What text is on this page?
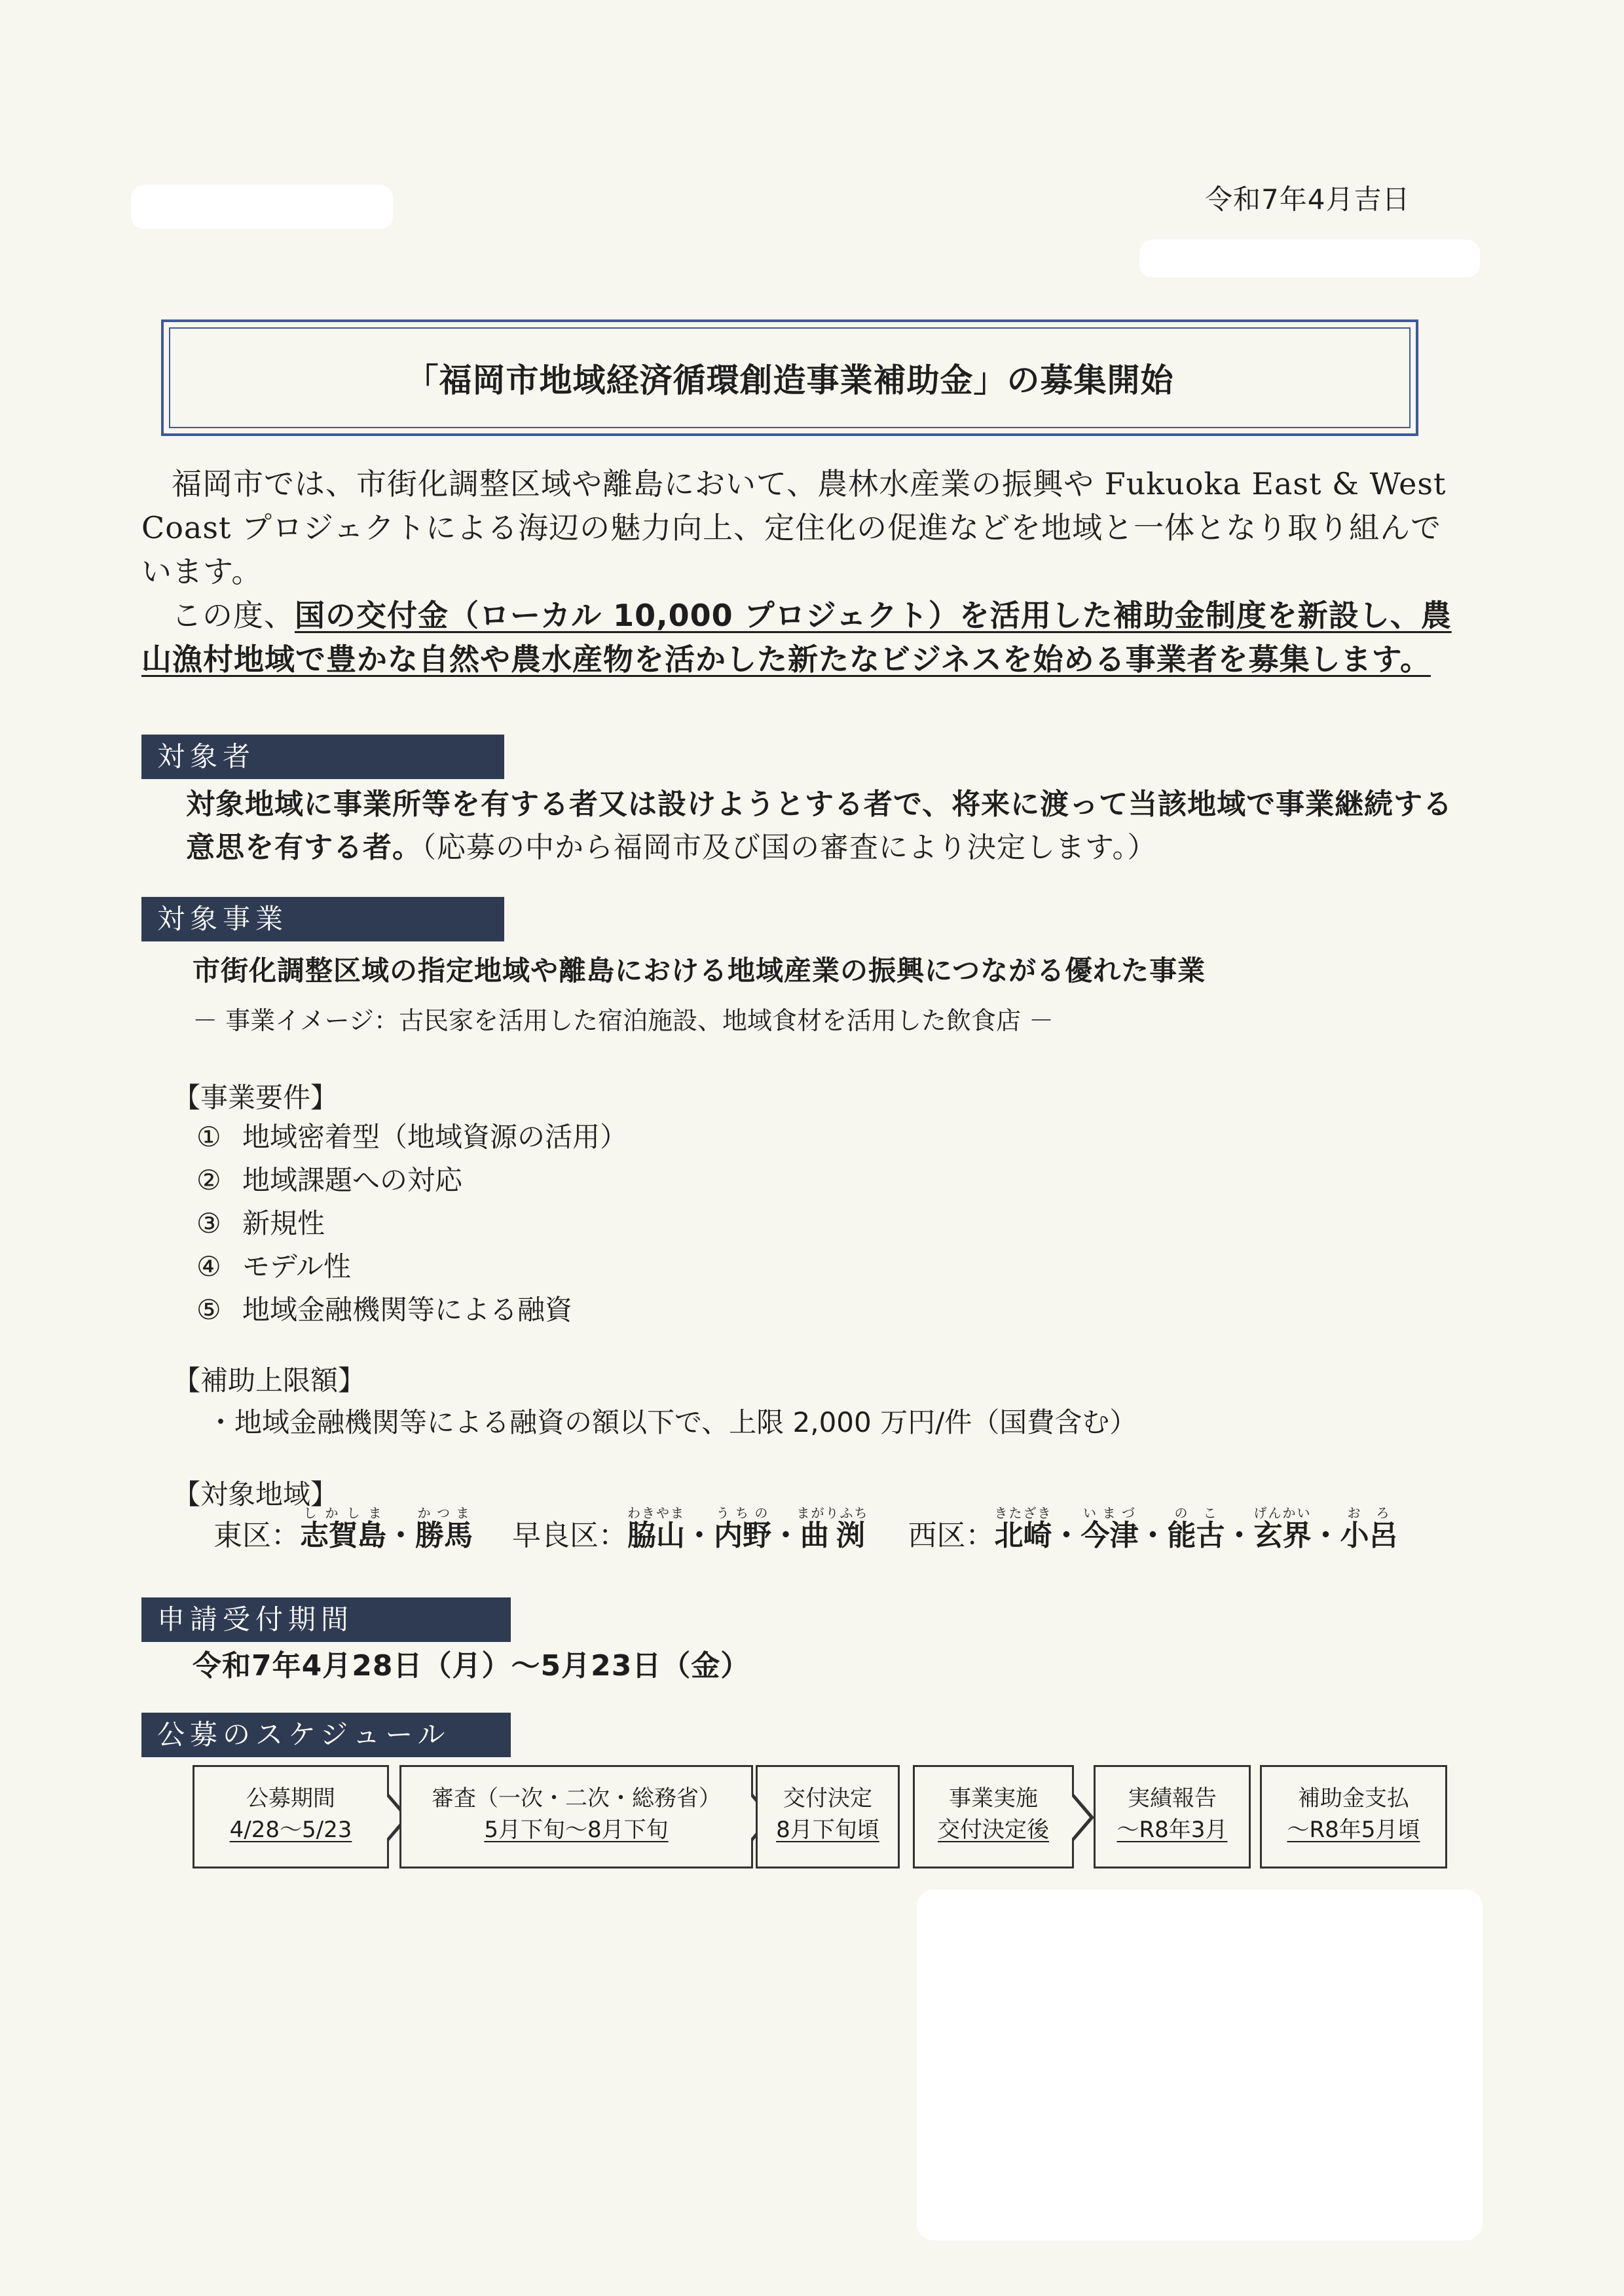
令和7年4月吉日
「福岡市地域経済循環創造事業補助金」の募集開始

福岡市では、市街化調整区域や離島において、農林水産業の振興や Fukuoka East & West Coast プロジェクトによる海辺の魅力向上、定住化の促進などを地域と一体となり取り組んでいます。

この度、国の交付金（ローカル 10,000 プロジェクト）を活用した補助金制度を新設し、農山漁村地域で豊かな自然や農水産物を活かした新たなビジネスを始める事業者を募集します。

対象者
対象地域に事業所等を有する者又は設けようとする者で、将来に渡って当該地域で事業継続する意思を有する者。（応募の中から福岡市及び国の審査により決定します。）
対象事業
市街化調整区域の指定地域や離島における地域産業の振興につながる優れた事業
－ 事業イメージ：古民家を活用した宿泊施設、地域食材を活用した飲食店 －
【事業要件】
① 地域密着型（地域資源の活用）
② 地域課題への対応
③ 新規性
④ モデル性
⑤ 地域金融機関等による融資
【補助上限額】
・地域金融機関等による融資の額以下で、上限 2,000 万円/件（国費含む）
【対象地域】
東区：志賀島しかしま・勝馬かつま早良区：脇山わきやま・内野うちの・曲渕まがりふち西区：北崎きたざき・今津いまづ・能古のこ・玄界げんかい・小呂おろ
申請受付期間
令和7年4月28日（月）～5月23日（金）
公募のスケジュール
公募期間
4/28～5/23
審査（一次・二次・総務省）
5月下旬～8月下旬
交付決定
8月下旬頃
事業実施
交付決定後
実績報告
～R8年3月
補助金支払
～R8年5月頃
